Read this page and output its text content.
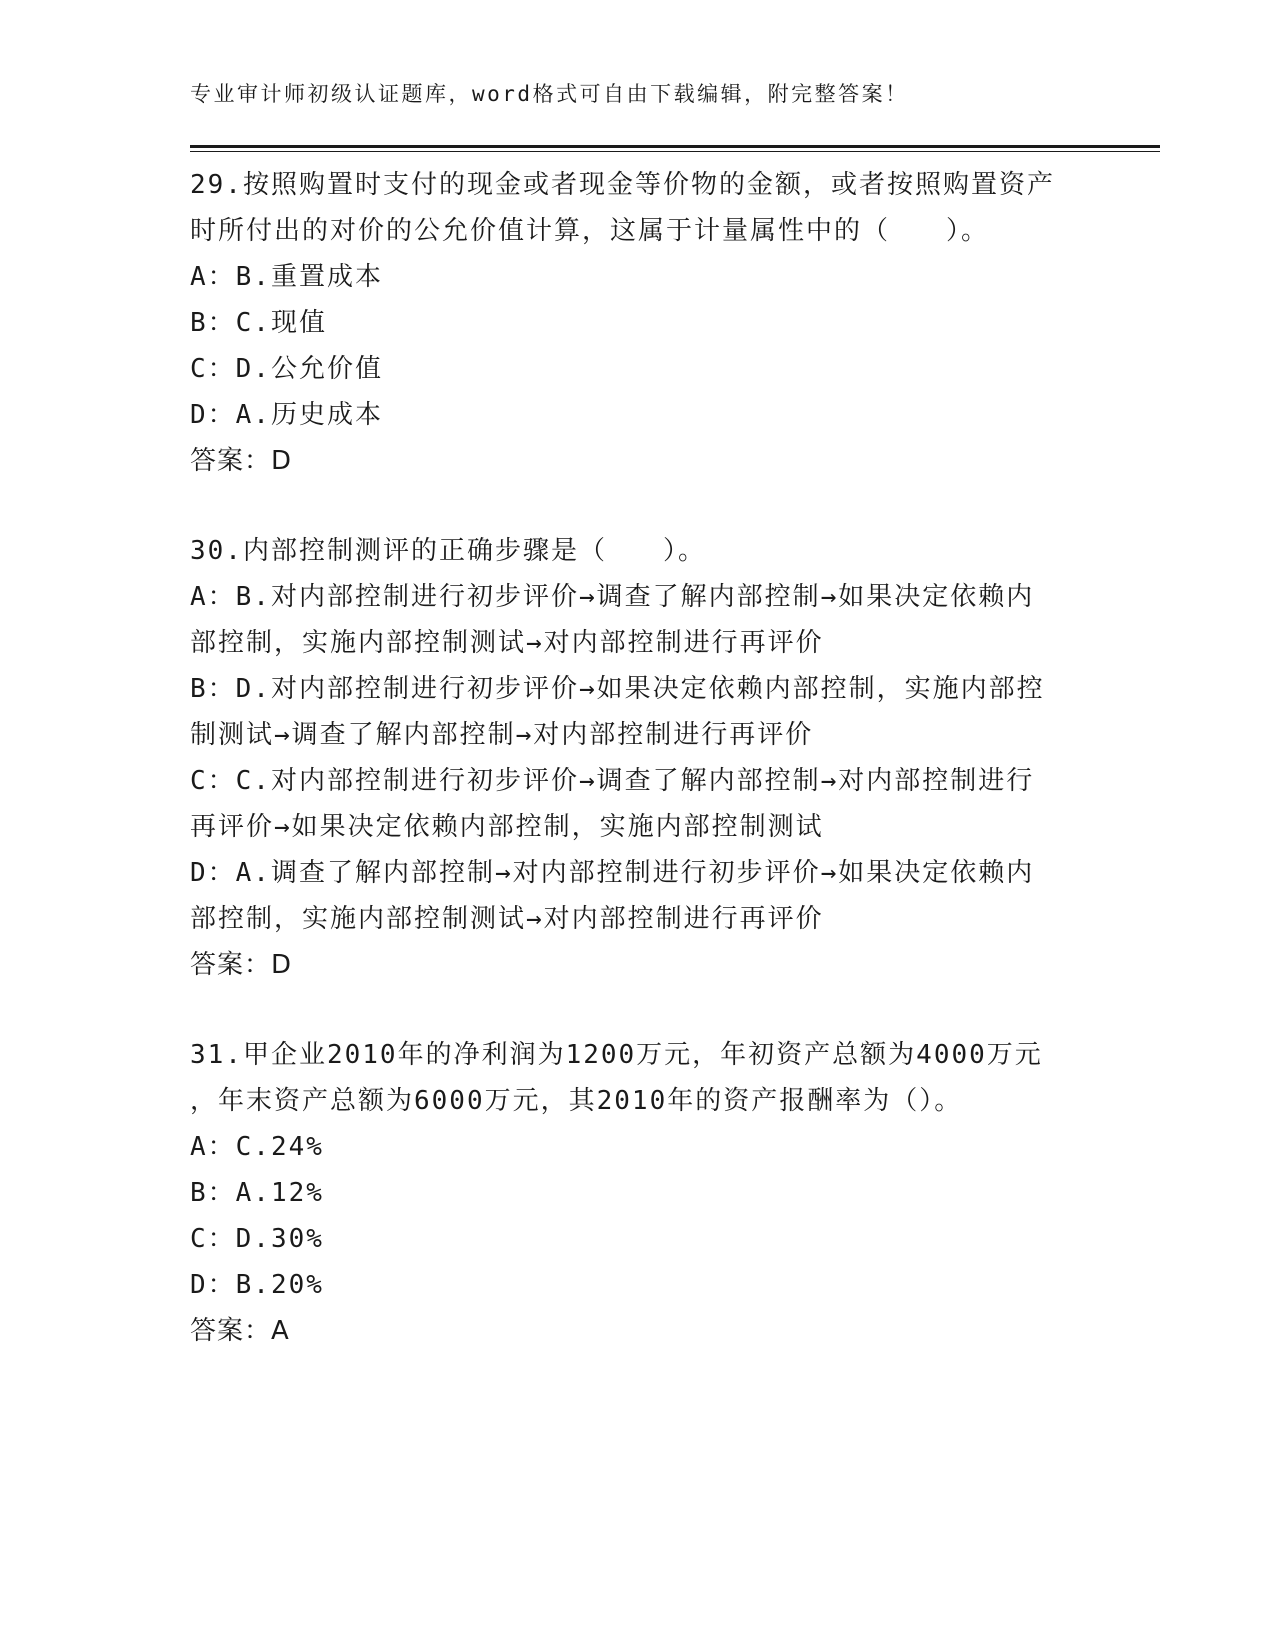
专业审计师初级认证题库，word格式可自由下载编辑，附完整答案！
29.按照购置时支付的现金或者现金等价物的金额，或者按照购置资产
时所付出的对价的公允价值计算，这属于计量属性中的（　　）。
A：B.重置成本
B：C.现值
C：D.公允价值
D：A.历史成本
答案：D
30.内部控制测评的正确步骤是（　　）。
A：B.对内部控制进行初步评价→调查了解内部控制→如果决定依赖内
部控制，实施内部控制测试→对内部控制进行再评价
B：D.对内部控制进行初步评价→如果决定依赖内部控制，实施内部控
制测试→调查了解内部控制→对内部控制进行再评价
C：C.对内部控制进行初步评价→调查了解内部控制→对内部控制进行
再评价→如果决定依赖内部控制，实施内部控制测试
D：A.调查了解内部控制→对内部控制进行初步评价→如果决定依赖内
部控制，实施内部控制测试→对内部控制进行再评价
答案：D
31.甲企业2010年的净利润为1200万元，年初资产总额为4000万元
，年末资产总额为6000万元，其2010年的资产报酬率为（）。
A：C.24%
B：A.12%
C：D.30%
D：B.20%
答案：A
